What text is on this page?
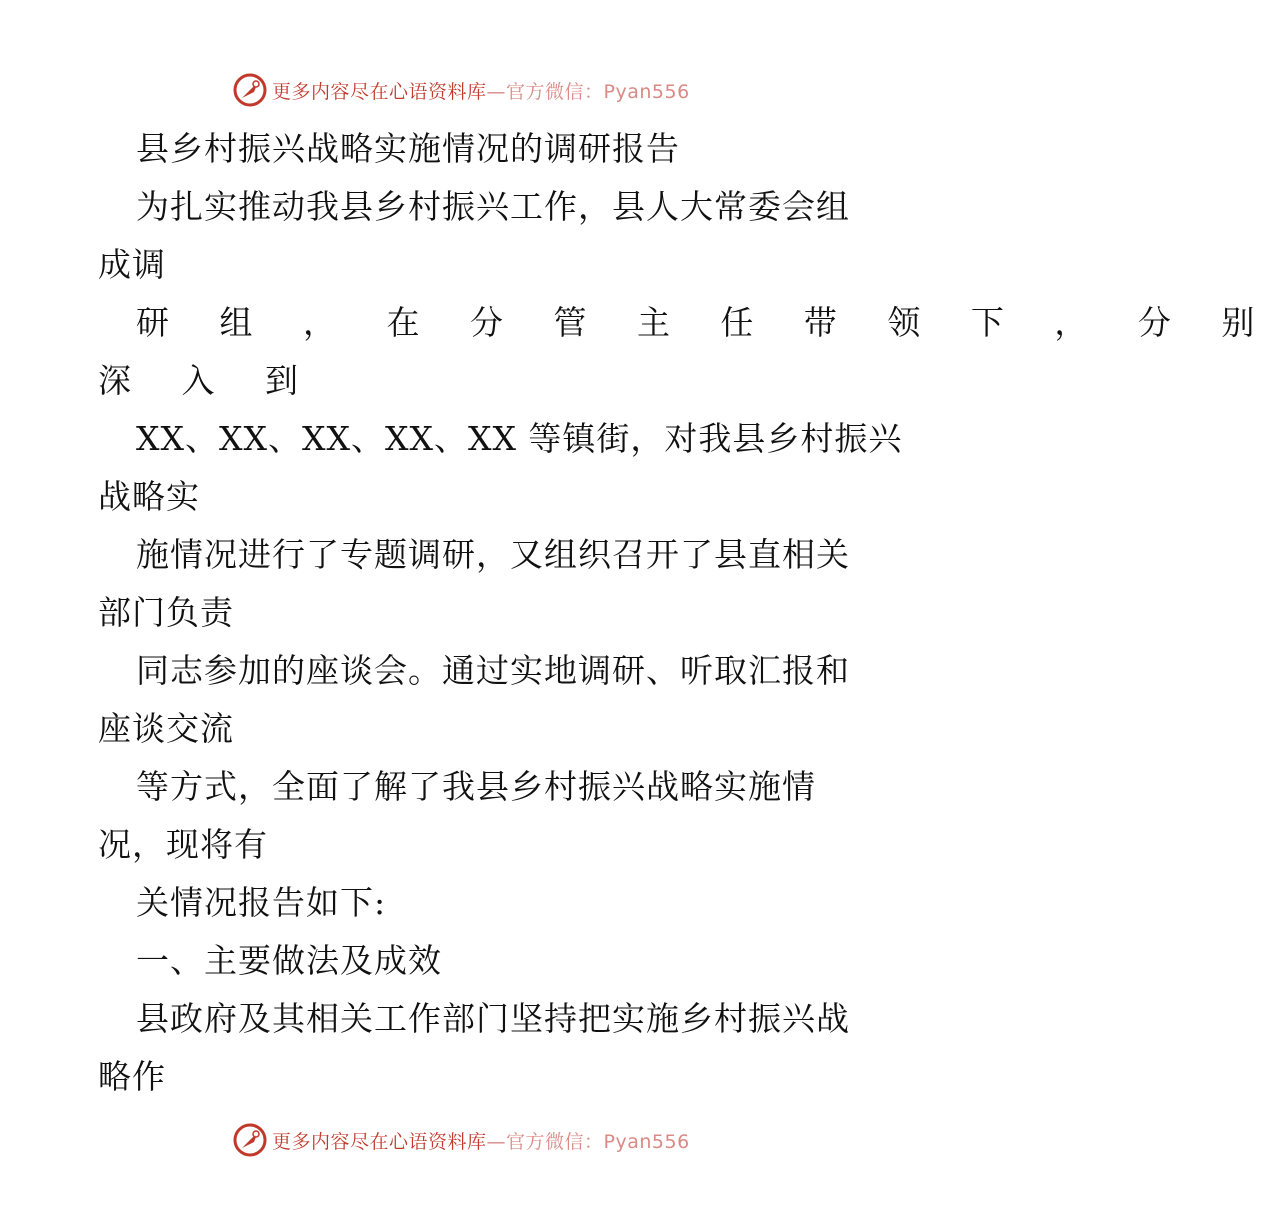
更多内容尽在心语资料库—官方微信：Pyan556

县乡村振兴战略实施情况的调研报告

为扎实推动我县乡村振兴工作，县人大常委会组

成调

研 组 ， 在 分 管 主 任 带 领 下 ， 分 别

深 入 到

XX、XX、XX、XX、XX 等镇街，对我县乡村振兴

战略实

施情况进行了专题调研，又组织召开了县直相关

部门负责

同志参加的座谈会。通过实地调研、听取汇报和

座谈交流

等方式，全面了解了我县乡村振兴战略实施情

况，现将有

关情况报告如下:

一、主要做法及成效

县政府及其相关工作部门坚持把实施乡村振兴战

略作

更多内容尽在心语资料库—官方微信：Pyan556
